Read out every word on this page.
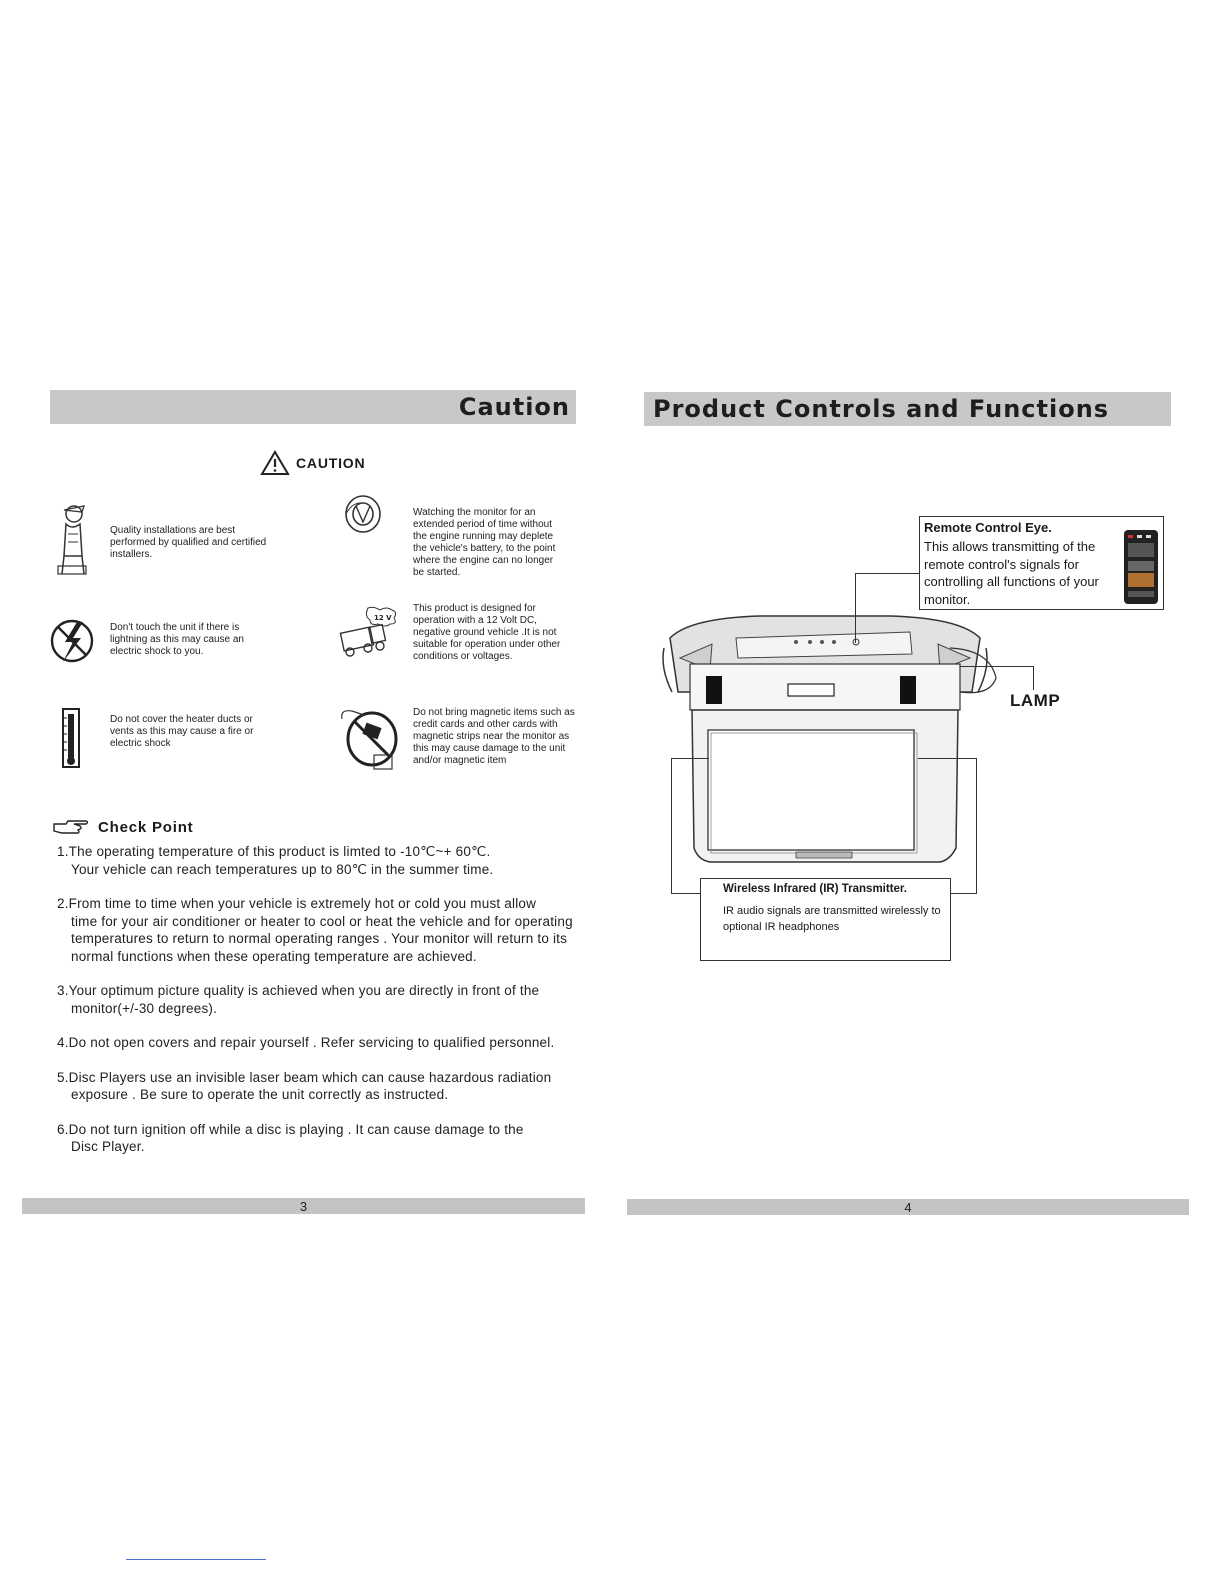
Caution
CAUTION
Quality installations are best performed by qualified and certified installers.
Watching the monitor for an extended period of time without the engine running may deplete the vehicle's battery, to the point where the engine can no longer be started.
Don't touch the unit if there is lightning as this may cause an electric shock to you.
12 V
This product is designed for operation with a 12 Volt DC, negative ground vehicle .It is not suitable for operation under other conditions or voltages.
Do not cover the heater ducts or vents as this may cause a fire or electric shock
Do not bring magnetic items such as credit cards and other cards with magnetic strips near the monitor as this may cause damage to the unit and/or magnetic item
Check Point
1.The operating temperature of this product is limted to -10℃~+ 60℃.
Your vehicle can reach temperatures up to 80℃ in the summer time.
2.From time to time when your vehicle is extremely hot or cold you must allow
time for your air conditioner or heater to cool or heat the vehicle and for operating temperatures to return to normal operating ranges . Your monitor will return to its normal functions when these operating temperature are achieved.
3.Your optimum picture quality is achieved when you are directly in front of the
monitor(+/-30 degrees).
4.Do not open covers and repair yourself . Refer servicing to qualified personnel.
5.Disc Players use an invisible laser beam which can cause hazardous radiation
exposure . Be sure to operate the unit correctly as instructed.
6.Do not turn ignition off while a disc is playing . It can cause damage to the
Disc Player.
3
Product Controls and Functions
Remote Control Eye.
This allows transmitting of the remote control's signals for controlling all functions of your monitor.
LAMP
Wireless Infrared (IR) Transmitter.
IR audio signals are transmitted wirelessly to optional IR headphones
4
